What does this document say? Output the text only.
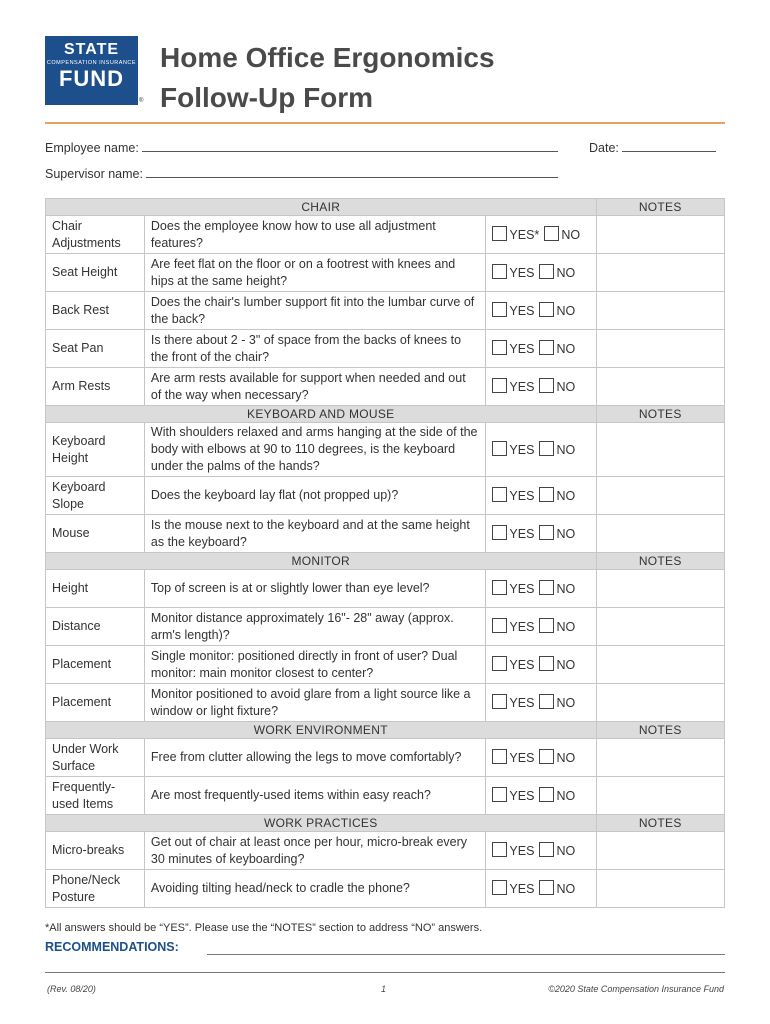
STATE
COMPENSATION INSURANCE
FUND
®
Home Office Ergonomics
Follow-Up Form
Employee name:	Date:
Supervisor name:
CHAIR			NOTES
Chair Adjustments	Does the employee know how to use all adjustment features?	YES* NO	
Seat Height	Are feet flat on the floor or on a footrest with knees and hips at the same height?	YES NO	
Back Rest	Does the chair's lumber support fit into the lumbar curve of the back?	YES NO	
Seat Pan	Is there about 2 - 3" of space from the backs of knees to the front of the chair?	YES NO	
Arm Rests	Are arm rests available for support when needed and out of the way when necessary?	YES NO	
KEYBOARD AND MOUSE			NOTES
Keyboard Height	With shoulders relaxed and arms hanging at the side of the body with elbows at 90 to 110 degrees, is the keyboard under the palms of the hands?	YES NO	
Keyboard Slope	Does the keyboard lay flat (not propped up)?	YES NO	
Mouse	Is the mouse next to the keyboard and at the same height as the keyboard?	YES NO	
MONITOR			NOTES
Height	Top of screen is at or slightly lower than eye level?	YES NO	
Distance	Monitor distance approximately 16"- 28" away (approx. arm's length)?	YES NO	
Placement	Single monitor: positioned directly in front of user? Dual monitor: main monitor closest to center?	YES NO	
Placement	Monitor positioned to avoid glare from a light source like a window or light fixture?	YES NO	
WORK ENVIRONMENT			NOTES
Under Work Surface	Free from clutter allowing the legs to move comfortably?	YES NO	
Frequently-used Items	Are most frequently-used items within easy reach?	YES NO	
WORK PRACTICES			NOTES
Micro-breaks	Get out of chair at least once per hour, micro-break every 30 minutes of keyboarding?	YES NO	
Phone/Neck Posture	Avoiding tilting head/neck to cradle the phone?	YES NO	
*All answers should be “YES”. Please use the “NOTES” section to address “NO” answers.
RECOMMENDATIONS:
(Rev. 08/20)	1	©2020 State Compensation Insurance Fund
